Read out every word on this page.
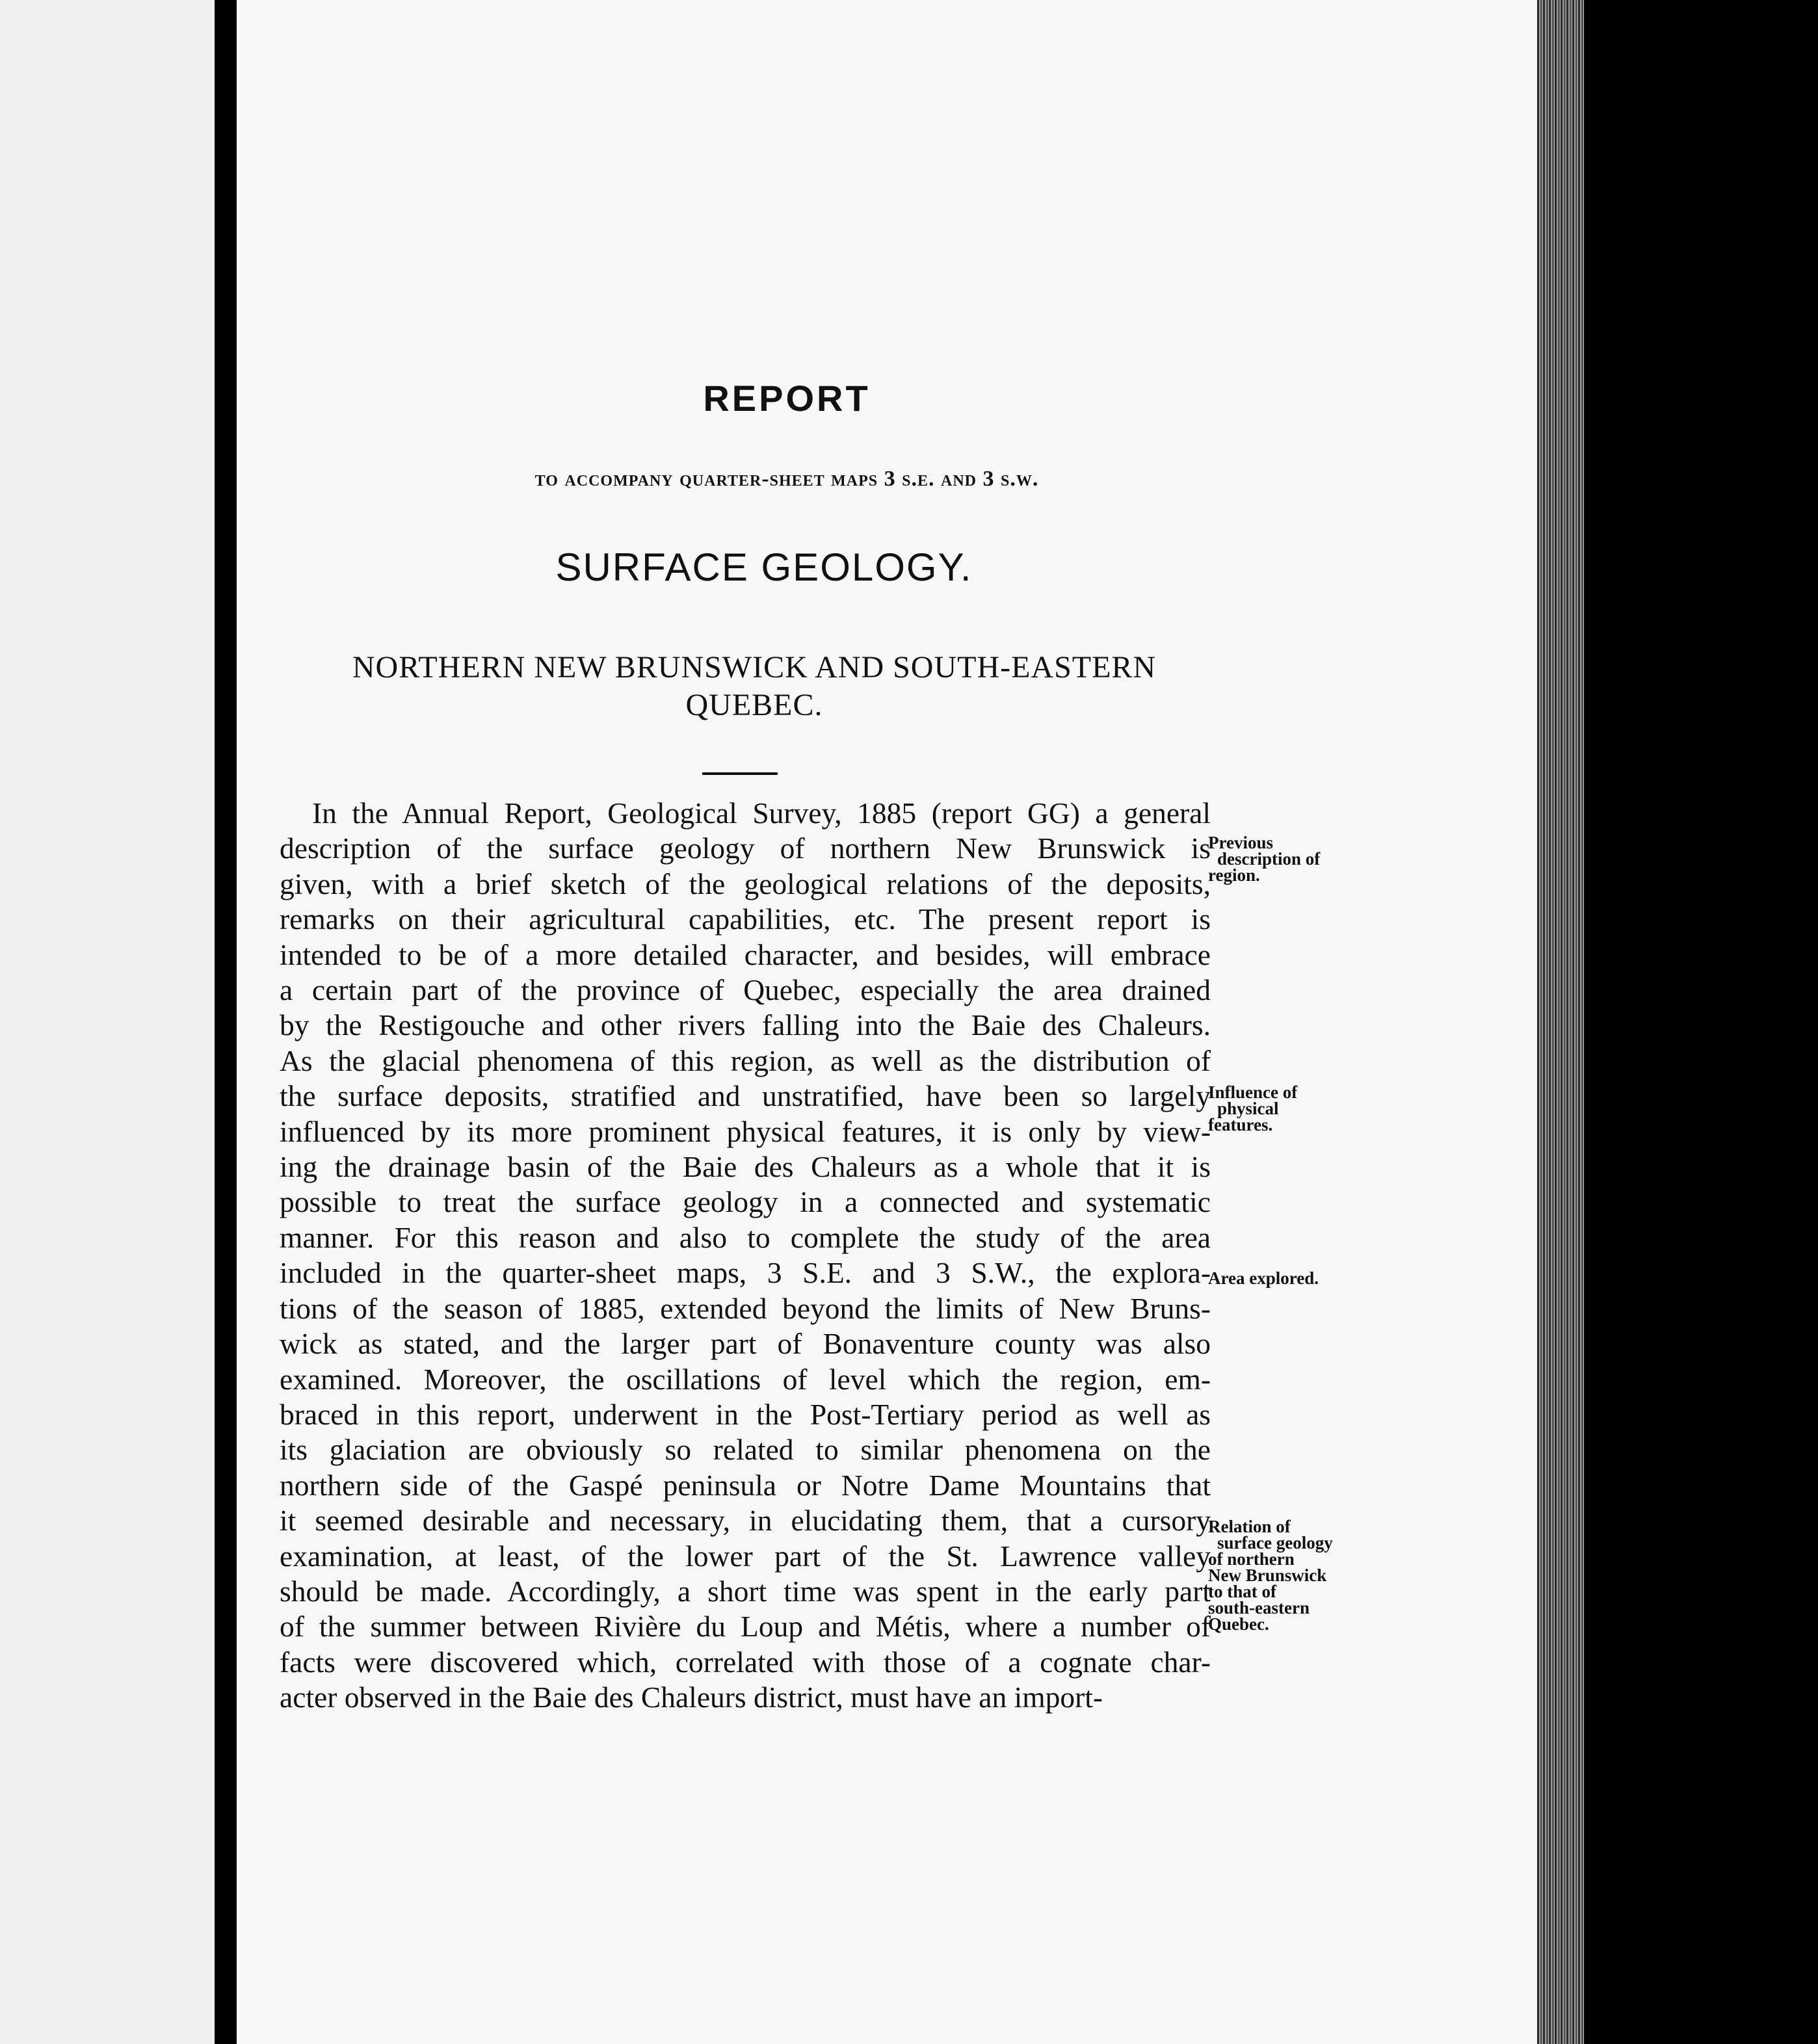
REPORT
to accompany quarter-sheet maps 3 s.e. and 3 s.w.
SURFACE GEOLOGY.
NORTHERN NEW BRUNSWICK AND SOUTH-EASTERN
QUEBEC.
In the Annual Report, Geological Survey, 1885 (report GG) a general
description of the surface geology of northern New Brunswick is
given, with a brief sketch of the geological relations of the deposits,
remarks on their agricultural capabilities, etc. The present report is
intended to be of a more detailed character, and besides, will embrace
a certain part of the province of Quebec, especially the area drained
by the Restigouche and other rivers falling into the Baie des Chaleurs.
As the glacial phenomena of this region, as well as the distribution of
the surface deposits, stratified and unstratified, have been so largely
influenced by its more prominent physical features, it is only by view-
ing the drainage basin of the Baie des Chaleurs as a whole that it is
possible to treat the surface geology in a connected and systematic
manner. For this reason and also to complete the study of the area
included in the quarter-sheet maps, 3 S.E. and 3 S.W., the explora-
tions of the season of 1885, extended beyond the limits of New Bruns-
wick as stated, and the larger part of Bonaventure county was also
examined. Moreover, the oscillations of level which the region, em-
braced in this report, underwent in the Post-Tertiary period as well as
its glaciation are obviously so related to similar phenomena on the
northern side of the Gaspé peninsula or Notre Dame Mountains that
it seemed desirable and necessary, in elucidating them, that a cursory
examination, at least, of the lower part of the St. Lawrence valley
should be made. Accordingly, a short time was spent in the early part
of the summer between Rivière du Loup and Métis, where a number of
facts were discovered which, correlated with those of a cognate char-
acter observed in the Baie des Chaleurs district, must have an import-
Previous
description of
region.
Influence of
physical
features.
Area explored.
Relation of
surface geology
of northern
New Brunswick
to that of
south-eastern
Quebec.
